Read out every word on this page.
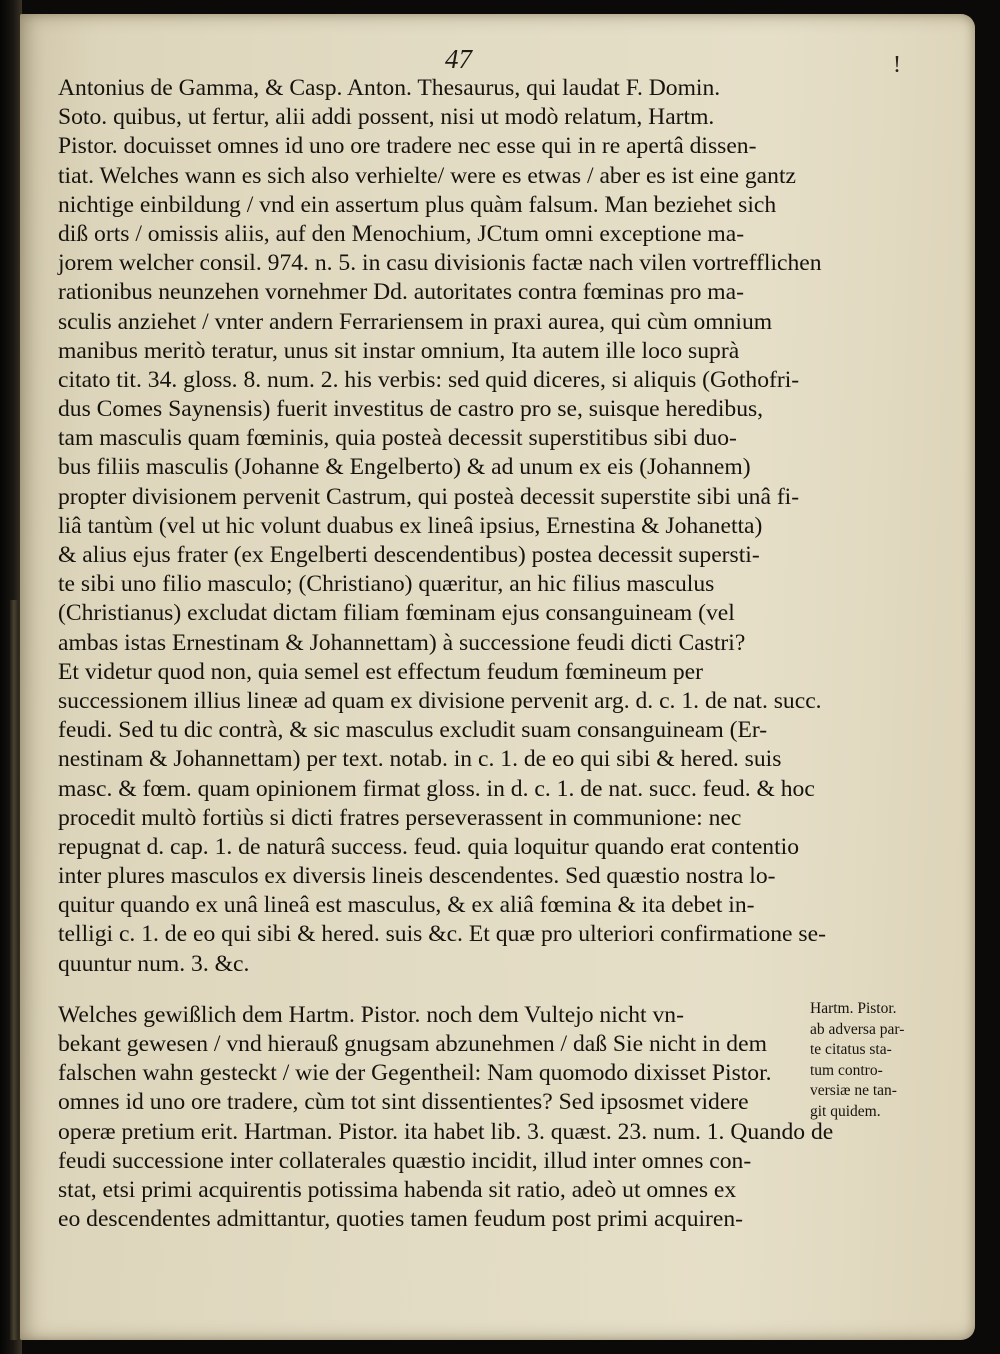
47	!
Antonius de Gamma, & Casp. Anton. Thesaurus, qui laudat F. Domin.
Soto. quibus, ut fertur, alii addi possent, nisi ut modò relatum, Hartm.
Pistor. docuisset omnes id uno ore tradere nec esse qui in re apertâ dissen-
tiat. Welches wann es sich also verhielte/ were es etwas / aber es ist eine gantz
nichtige einbildung / vnd ein assertum plus quàm falsum. Man beziehet sich
diß orts / omissis aliis, auf den Menochium, JCtum omni exceptione ma-
jorem welcher consil. 974. n. 5. in casu divisionis factæ nach vilen vortrefflichen
rationibus neunzehen vornehmer Dd. autoritates contra fœminas pro ma-
sculis anziehet / vnter andern Ferrariensem in praxi aurea, qui cùm omnium
manibus meritò teratur, unus sit instar omnium, Ita autem ille loco suprà
citato tit. 34. gloss. 8. num. 2. his verbis: sed quid diceres, si aliquis (Gothofri-
dus Comes Saynensis) fuerit investitus de castro pro se, suisque heredibus,
tam masculis quam fœminis, quia posteà decessit superstitibus sibi duo-
bus filiis masculis (Johanne & Engelberto) & ad unum ex eis (Johannem)
propter divisionem pervenit Castrum, qui posteà decessit superstite sibi unâ fi-
liâ tantùm (vel ut hic volunt duabus ex lineâ ipsius, Ernestina & Johanetta)
& alius ejus frater (ex Engelberti descendentibus) postea decessit supersti-
te sibi uno filio masculo; (Christiano) quæritur, an hic filius masculus
(Christianus) excludat dictam filiam fœminam ejus consanguineam (vel
ambas istas Ernestinam & Johannettam) à successione feudi dicti Castri?
Et videtur quod non, quia semel est effectum feudum fœmineum per
successionem illius lineæ ad quam ex divisione pervenit arg. d. c. 1. de nat. succ.
feudi. Sed tu dic contrà, & sic masculus excludit suam consanguineam (Er-
nestinam & Johannettam) per text. notab. in c. 1. de eo qui sibi & hered. suis
masc. & fœm. quam opinionem firmat gloss. in d. c. 1. de nat. succ. feud. & hoc
procedit multò fortiùs si dicti fratres perseverassent in communione: nec
repugnat d. cap. 1. de naturâ success. feud. quia loquitur quando erat contentio
inter plures masculos ex diversis lineis descendentes. Sed quæstio nostra lo-
quitur quando ex unâ lineâ est masculus, & ex aliâ fœmina & ita debet in-
telligi c. 1. de eo qui sibi & hered. suis &c. Et quæ pro ulteriori confirmatione se-
quuntur num. 3. &c.
Welches gewißlich dem Hartm. Pistor. noch dem Vultejo nicht vn-
bekant gewesen / vnd hierauß gnugsam abzunehmen / daß Sie nicht in dem
falschen wahn gesteckt / wie der Gegentheil: Nam quomodo dixisset Pistor.
omnes id uno ore tradere, cùm tot sint dissentientes? Sed ipsosmet videre
operæ pretium erit. Hartman. Pistor. ita habet lib. 3. quæst. 23. num. 1. Quando de
feudi successione inter collaterales quæstio incidit, illud inter omnes con-
stat, etsi primi acquirentis potissima habenda sit ratio, adeò ut omnes ex
eo descendentes admittantur, quoties tamen feudum post primi acquiren-
Hartm. Pistor.
ab adversa par-
te citatus sta-
tum contro-
versiæ ne tan-
git quidem.
